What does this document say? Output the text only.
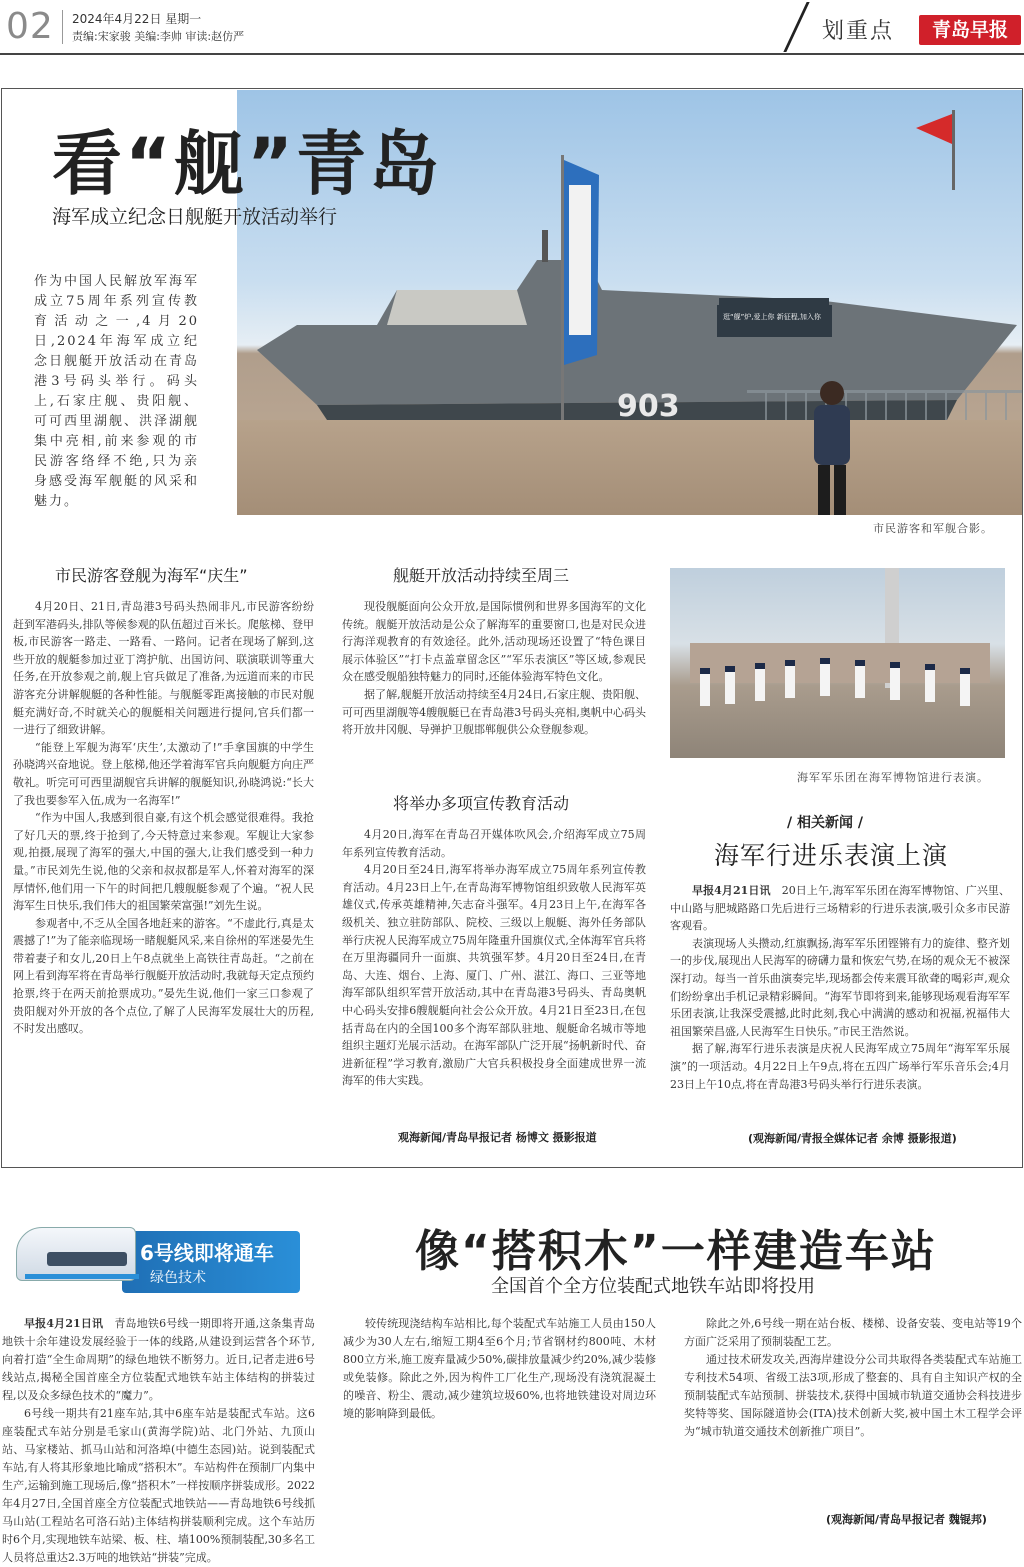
02 2024年4月22日 星期一
责编:宋家骏 美编:李帅 审读:赵仿严	划重点	青岛早报
903
逛“舰”炉,爱上你 新征程,加入你
看“舰”青岛
海军成立纪念日舰艇开放活动举行
作为中国人民解放军海军成立75周年系列宣传教育活动之一,4月20日,2024年海军成立纪念日舰艇开放活动在青岛港3号码头举行。码头上,石家庄舰、贵阳舰、可可西里湖舰、洪泽湖舰集中亮相,前来参观的市民游客络绎不绝,只为亲身感受海军舰艇的风采和魅力。
市民游客和军舰合影。
市民游客登舰为海军“庆生”

4月20日、21日,青岛港3号码头热闹非凡,市民游客纷纷赶到军港码头,排队等候参观的队伍超过百米长。爬舷梯、登甲板,市民游客一路走、一路看、一路问。记者在现场了解到,这些开放的舰艇参加过亚丁湾护航、出国访问、联演联训等重大任务,在开放参观之前,舰上官兵做足了准备,为远道而来的市民游客充分讲解舰艇的各种性能。与舰艇零距离接触的市民对舰艇充满好奇,不时就关心的舰艇相关问题进行提问,官兵们都一一进行了细致讲解。

“能登上军舰为海军‘庆生’,太激动了!”手拿国旗的中学生孙晓鸿兴奋地说。登上舷梯,他还学着海军官兵向舰艇方向庄严敬礼。听完可可西里湖舰官兵讲解的舰艇知识,孙晓鸿说:“长大了我也要参军入伍,成为一名海军!”

“作为中国人,我感到很自豪,有这个机会感觉很难得。我抢了好几天的票,终于抢到了,今天特意过来参观。军舰让大家参观,拍摄,展现了海军的强大,中国的强大,让我们感受到一种力量。”市民刘先生说,他的父亲和叔叔都是军人,怀着对海军的深厚情怀,他们用一下午的时间把几艘舰艇参观了个遍。“祝人民海军生日快乐,我们伟大的祖国繁荣富强!”刘先生说。

参观者中,不乏从全国各地赶来的游客。“不虚此行,真是太震撼了!”为了能亲临现场一睹舰艇风采,来自徐州的军迷晏先生带着妻子和女儿,20日上午8点就坐上高铁往青岛赶。“之前在网上看到海军将在青岛举行舰艇开放活动时,我就每天定点预约抢票,终于在两天前抢票成功。”晏先生说,他们一家三口参观了贵阳舰对外开放的各个点位,了解了人民海军发展壮大的历程,不时发出感叹。

舰艇开放活动持续至周三

现役舰艇面向公众开放,是国际惯例和世界多国海军的文化传统。舰艇开放活动是公众了解海军的重要窗口,也是对民众进行海洋观教育的有效途径。此外,活动现场还设置了“特色课目展示体验区”“打卡点盖章留念区”“军乐表演区”等区域,参观民众在感受舰船独特魅力的同时,还能体验海军特色文化。

据了解,舰艇开放活动持续至4月24日,石家庄舰、贵阳舰、可可西里湖舰等4艘舰艇已在青岛港3号码头亮相,奥帆中心码头将开放井冈舰、导弹护卫舰邯郸舰供公众登舰参观。

将举办多项宣传教育活动

4月20日,海军在青岛召开媒体吹风会,介绍海军成立75周年系列宣传教育活动。

4月20日至24日,海军将举办海军成立75周年系列宣传教育活动。4月23日上午,在青岛海军博物馆组织致敬人民海军英雄仪式,传承英雄精神,矢志奋斗强军。4月23日上午,在海军各级机关、独立驻防部队、院校、三级以上舰艇、海外任务部队举行庆祝人民海军成立75周年隆重升国旗仪式,全体海军官兵将在万里海疆同升一面旗、共筑强军梦。4月20日至24日,在青岛、大连、烟台、上海、厦门、广州、湛江、海口、三亚等地海军部队组织军营开放活动,其中在青岛港3号码头、青岛奥帆中心码头安排6艘舰艇向社会公众开放。4月21日至23日,在包括青岛在内的全国100多个海军部队驻地、舰艇命名城市等地组织主题灯光展示活动。在海军部队广泛开展“扬帆新时代、奋进新征程”学习教育,激励广大官兵积极投身全面建成世界一流海军的伟大实践。

观海新闻/青岛早报记者 杨博文 摄影报道
海军军乐团在海军博物馆进行表演。
/ 相关新闻 /
海军行进乐表演上演

早报4月21日讯　 20日上午,海军军乐团在海军博物馆、广兴里、中山路与肥城路路口先后进行三场精彩的行进乐表演,吸引众多市民游客观看。

表演现场人头攒动,红旗飘扬,海军军乐团铿锵有力的旋律、整齐划一的步伐,展现出人民海军的磅礴力量和恢宏气势,在场的观众无不被深深打动。每当一首乐曲演奏完毕,现场都会传来震耳欲聋的喝彩声,观众们纷纷拿出手机记录精彩瞬间。“海军节即将到来,能够现场观看海军军乐团表演,让我深受震撼,此时此刻,我心中满满的感动和祝福,祝福伟大祖国繁荣昌盛,人民海军生日快乐。”市民王浩然说。

据了解,海军行进乐表演是庆祝人民海军成立75周年“海军军乐展演”的一项活动。4月22日上午9点,将在五四广场举行军乐音乐会;4月23日上午10点,将在青岛港3号码头举行行进乐表演。

(观海新闻/青报全媒体记者 余博 摄影报道)
6号线即将通车
绿色技术
像“搭积木”一样建造车站
全国首个全方位装配式地铁车站即将投用

早报4月21日讯　 青岛地铁6号线一期即将开通,这条集青岛地铁十余年建设发展经验于一体的线路,从建设到运营各个环节,向着打造“全生命周期”的绿色地铁不断努力。近日,记者走进6号线站点,揭秘全国首座全方位装配式地铁车站主体结构的拼装过程,以及众多绿色技术的“魔力”。

6号线一期共有21座车站,其中6座车站是装配式车站。这6座装配式车站分别是毛家山(黄海学院)站、北门外站、九顶山站、马家楼站、抓马山站和河洛埠(中德生态园)站。说到装配式车站,有人将其形象地比喻成“搭积木”。车站构件在预制厂内集中生产,运输到施工现场后,像“搭积木”一样按顺序拼装成形。2022年4月27日,全国首座全方位装配式地铁站——青岛地铁6号线抓马山站(工程站名可洛石站)主体结构拼装顺利完成。这个车站历时6个月,实现地铁车站梁、板、柱、墙100%预制装配,30多名工人员将总重达2.3万吨的地铁站“拼装”完成。

较传统现浇结构车站相比,每个装配式车站施工人员由150人减少为30人左右,缩短工期4至6个月;节省钢材约800吨、木材800立方米,施工废弃量减少50%,碳排放量减少约20%,减少装修或免装修。除此之外,因为构件工厂化生产,现场没有浇筑混凝土的噪音、粉尘、震动,减少建筑垃圾60%,也将地铁建设对周边环境的影响降到最低。

除此之外,6号线一期在站台板、楼梯、设备安装、变电站等19个方面广泛采用了预制装配工艺。

通过技术研发攻关,西海岸建设分公司共取得各类装配式车站施工专利技术54项、省级工法3项,形成了整套的、具有自主知识产权的全预制装配式车站预制、拼装技术,获得中国城市轨道交通协会科技进步奖特等奖、国际隧道协会(ITA)技术创新大奖,被中国土木工程学会评为“城市轨道交通技术创新推广项目”。

(观海新闻/青岛早报记者 魏锟邦)
